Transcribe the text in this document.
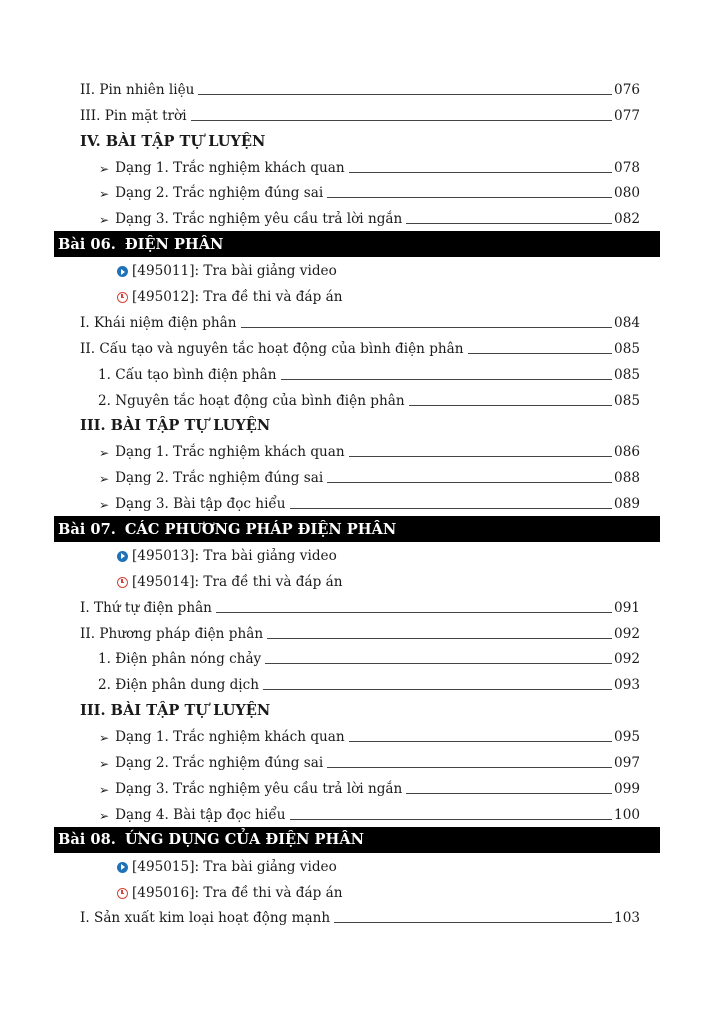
II. Pin nhiên liệu	076
III. Pin mặt trời	077
IV. BÀI TẬP TỰ LUYỆN
➢ Dạng 1. Trắc nghiệm khách quan	078
➢ Dạng 2. Trắc nghiệm đúng sai	080
➢ Dạng 3. Trắc nghiệm yêu cầu trả lời ngắn	082
Bài 06. ĐIỆN PHÂN
[495011]: Tra bài giảng video
[495012]: Tra đề thi và đáp án
I. Khái niệm điện phân	084
II. Cấu tạo và nguyên tắc hoạt động của bình điện phân	085
1. Cấu tạo bình điện phân	085
2. Nguyên tắc hoạt động của bình điện phân	085
III. BÀI TẬP TỰ LUYỆN
➢ Dạng 1. Trắc nghiệm khách quan	086
➢ Dạng 2. Trắc nghiệm đúng sai	088
➢ Dạng 3. Bài tập đọc hiểu	089
Bài 07. CÁC PHƯƠNG PHÁP ĐIỆN PHÂN
[495013]: Tra bài giảng video
[495014]: Tra đề thi và đáp án
I. Thứ tự điện phân	091
II. Phương pháp điện phân	092
1. Điện phân nóng chảy	092
2. Điện phân dung dịch	093
III. BÀI TẬP TỰ LUYỆN
➢ Dạng 1. Trắc nghiệm khách quan	095
➢ Dạng 2. Trắc nghiệm đúng sai	097
➢ Dạng 3. Trắc nghiệm yêu cầu trả lời ngắn	099
➢ Dạng 4. Bài tập đọc hiểu	100
Bài 08. ỨNG DỤNG CỦA ĐIỆN PHÂN
[495015]: Tra bài giảng video
[495016]: Tra đề thi và đáp án
I. Sản xuất kim loại hoạt động mạnh	103
